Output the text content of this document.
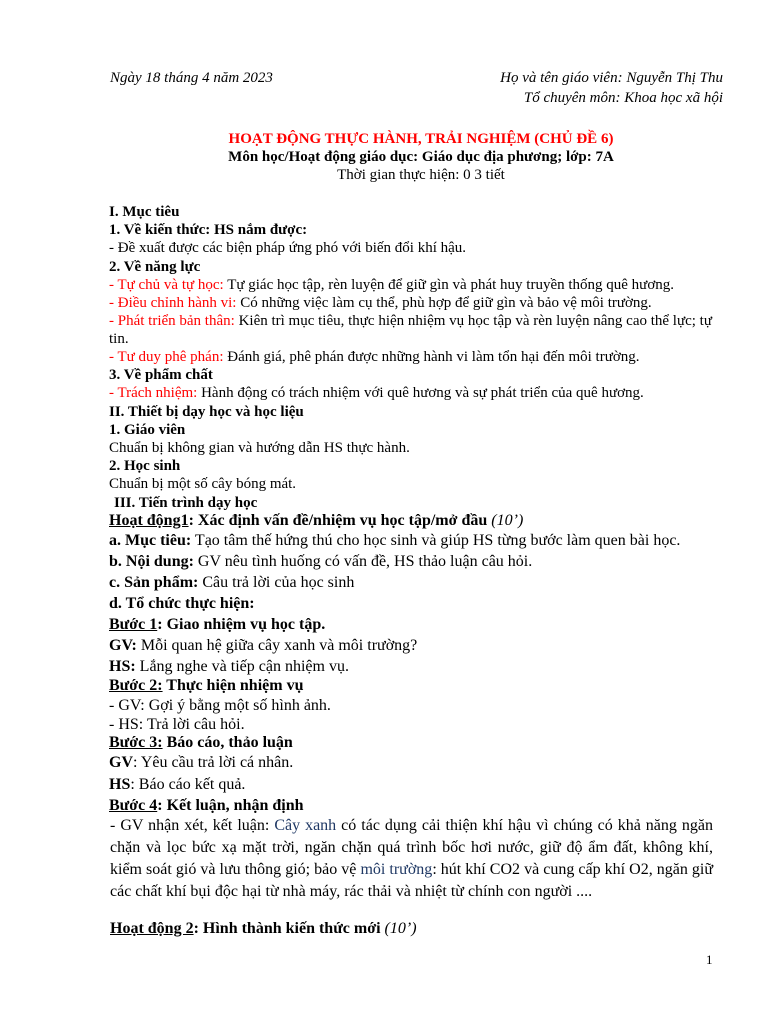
Ngày 18 tháng 4 năm 2023	Họ và tên giáo viên: Nguyễn Thị Thu
Tổ chuyên môn: Khoa học xã hội
HOẠT ĐỘNG THỰC HÀNH, TRẢI NGHIỆM (CHỦ ĐỀ 6)
Môn học/Hoạt động giáo dục: Giáo dục địa phương; lớp: 7A
Thời gian thực hiện: 0 3 tiết
I. Mục tiêu
1. Về kiến thức: HS nắm được:
- Đề xuất được các biện pháp ứng phó với biến đổi khí hậu.
2. Về năng lực
- Tự chủ và tự học: Tự giác học tập, rèn luyện để giữ gìn và phát huy truyền thống quê hương.
- Điều chỉnh hành vi: Có những việc làm cụ thể, phù hợp để giữ gìn và bảo vệ môi trường.
- Phát triển bản thân: Kiên trì mục tiêu, thực hiện nhiệm vụ học tập và rèn luyện nâng cao thể lực; tự
tin.
- Tư duy phê phán: Đánh giá, phê phán được những hành vi làm tổn hại đến môi trường.
3. Về phẩm chất
- Trách nhiệm: Hành động có trách nhiệm với quê hương và sự phát triển của quê hương.
II. Thiết bị dạy học và học liệu
1. Giáo viên
Chuẩn bị không gian và hướng dẫn HS thực hành.
2. Học sinh
Chuẩn bị một số cây bóng mát.
III. Tiến trình dạy học
Hoạt động1: Xác định vấn đề/nhiệm vụ học tập/mở đầu (10’)
a. Mục tiêu: Tạo tâm thế hứng thú cho học sinh và giúp HS từng bước làm quen bài học.
b. Nội dung: GV nêu tình huống có vấn đề, HS thảo luận câu hỏi.
c. Sản phẩm: Câu trả lời của học sinh
d. Tổ chức thực hiện:
Bước 1: Giao nhiệm vụ học tập.
GV: Mỗi quan hệ giữa cây xanh và môi trường?
HS: Lắng nghe và tiếp cận nhiệm vụ.
Bước 2: Thực hiện nhiệm vụ
- GV: Gợi ý bằng một số hình ảnh.
- HS: Trả lời câu hỏi.
Bước 3: Báo cáo, thảo luận
GV: Yêu cầu trả lời cá nhân.
HS: Báo cáo kết quả.
Bước 4: Kết luận, nhận định
- GV nhận xét, kết luận: Cây xanh có tác dụng cải thiện khí hậu vì chúng có khả năng ngăn chặn và lọc bức xạ mặt trời, ngăn chặn quá trình bốc hơi nước, giữ độ ẩm đất, không khí, kiểm soát gió và lưu thông gió; bảo vệ môi trường: hút khí CO2 và cung cấp khí O2, ngăn giữ các chất khí bụi độc hại từ nhà máy, rác thải và nhiệt từ chính con người ....
Hoạt động 2: Hình thành kiến thức mới (10’)
1
